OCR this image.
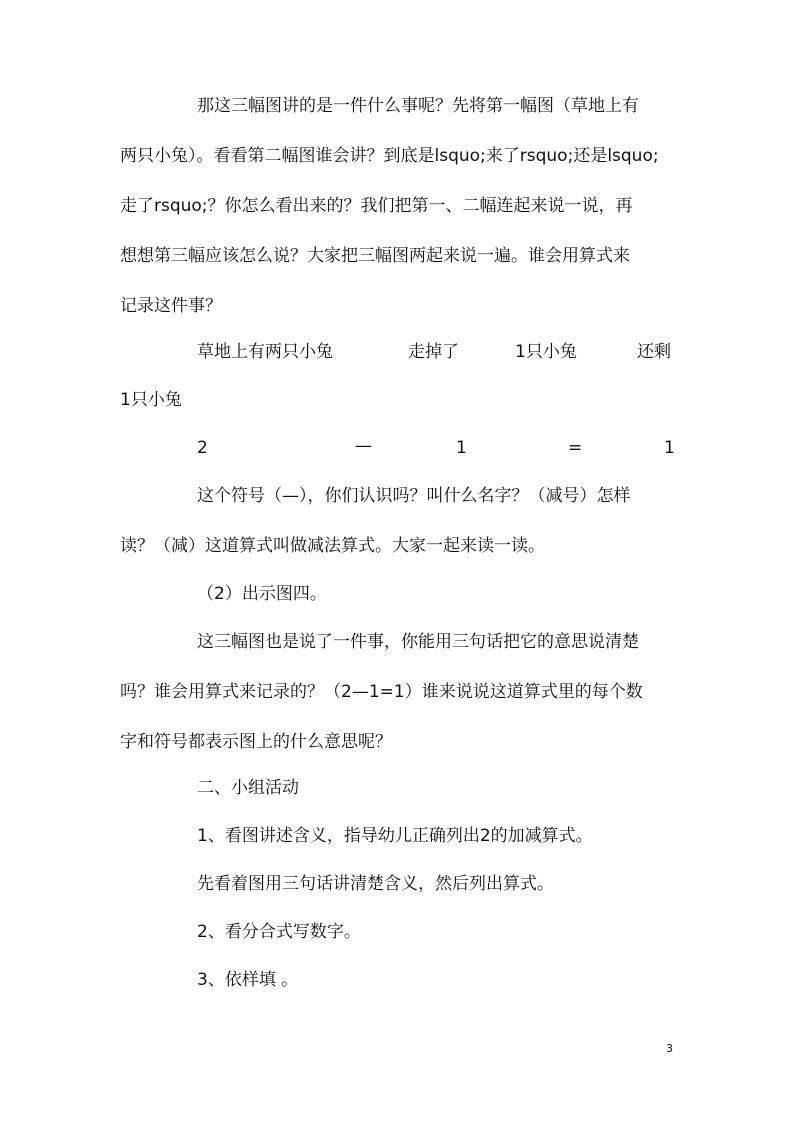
那这三幅图讲的是一件什么事呢？先将第一幅图（草地上有
两只小兔）。看看第二幅图谁会讲？到底是lsquo;来了rsquo;还是lsquo;
走了rsquo;？你怎么看出来的？我们把第一、二幅连起来说一说，再
想想第三幅应该怎么说？大家把三幅图两起来说一遍。谁会用算式来
记录这件事？
草地上有两只小兔	走掉了	1只小兔	还剩
1只小兔
2	—	1	=	1
这个符号（—），你们认识吗？叫什么名字？（减号）怎样
读？（减）这道算式叫做减法算式。大家一起来读一读。
（2）出示图四。
这三幅图也是说了一件事，你能用三句话把它的意思说清楚
吗？谁会用算式来记录的？（2—1=1）谁来说说这道算式里的每个数
字和符号都表示图上的什么意思呢？
二、小组活动
1、看图讲述含义，指导幼儿正确列出2的加减算式。
先看着图用三句话讲清楚含义，然后列出算式。
2、看分合式写数字。
3、依样填 。
3
